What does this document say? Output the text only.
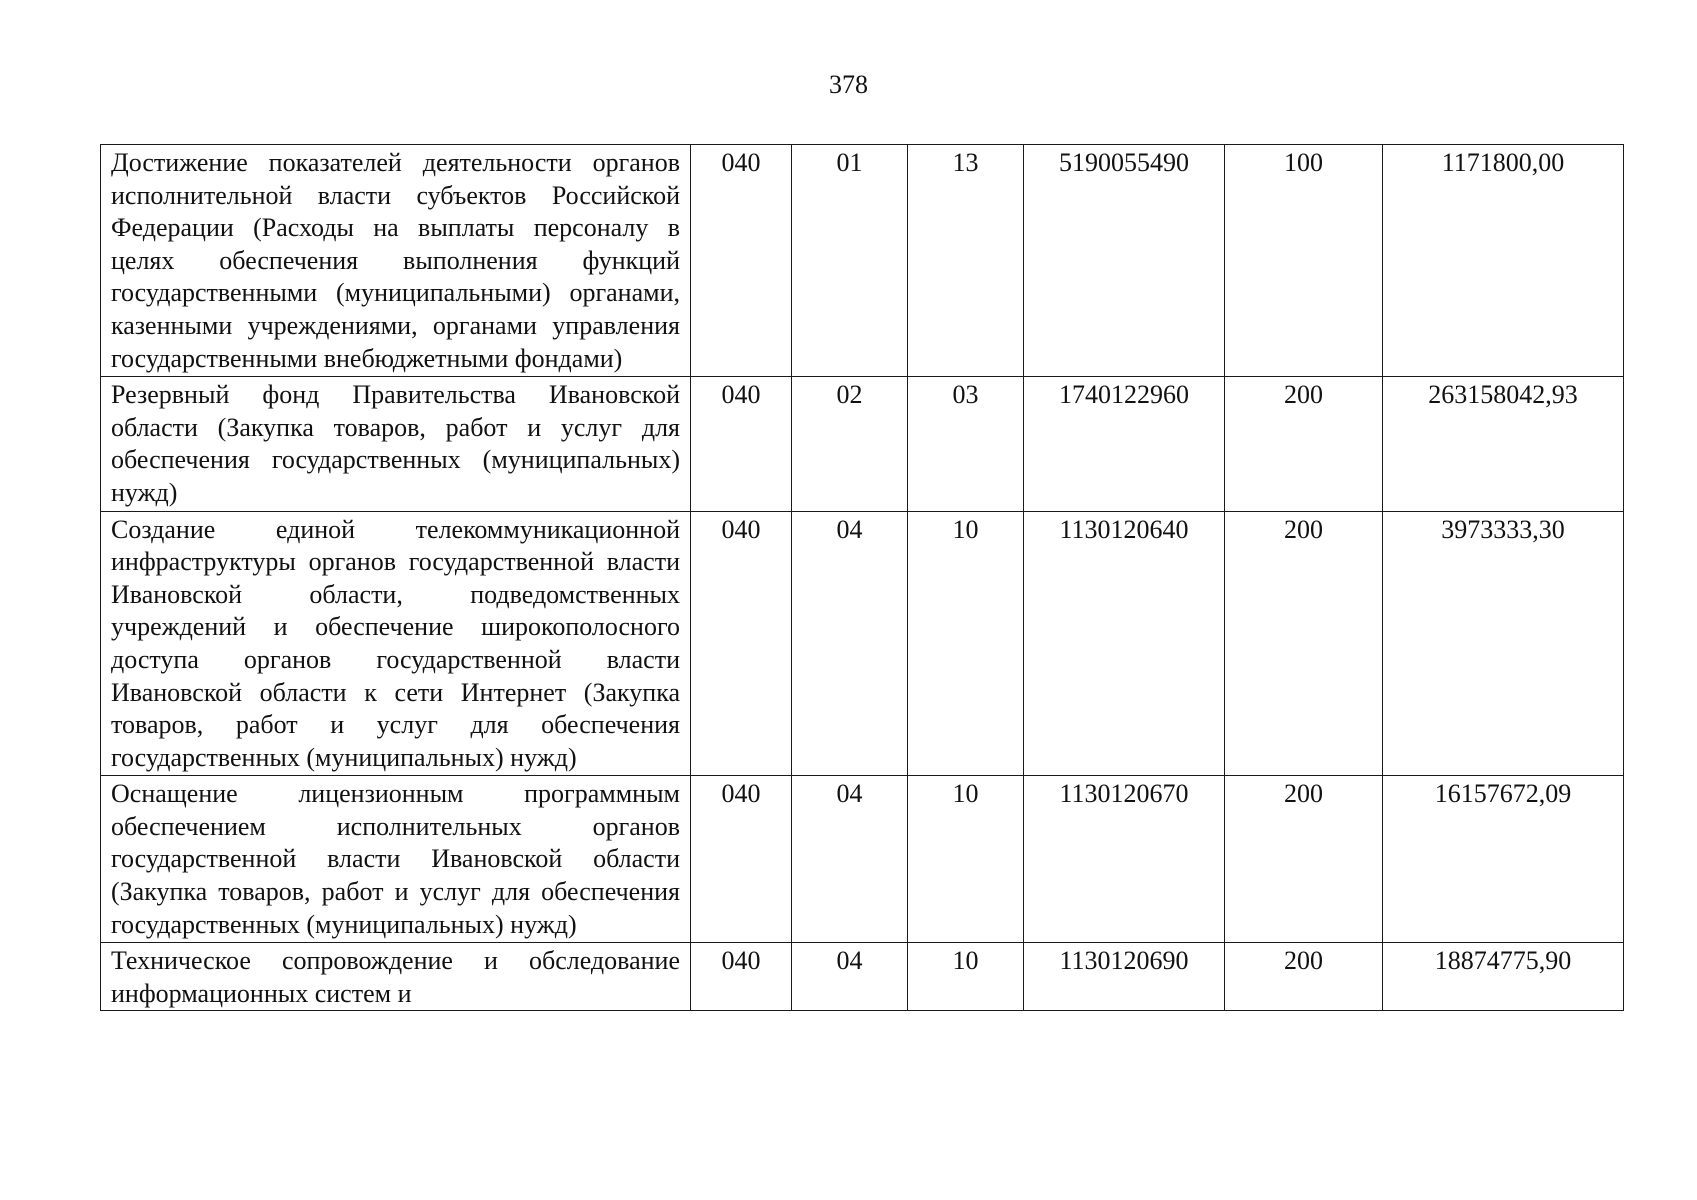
378
Достижение показателей деятельности органов исполнительной власти субъектов Российской Федерации (Расходы на выплаты персоналу в целях обеспечения выполнения функций государственными (муниципальными) органами, казенными учреждениями, органами управления государственными внебюджетными фондами)	040	01	13	5190055490	100	1171800,00
Резервный фонд Правительства Ивановской области (Закупка товаров, работ и услуг для обеспечения государственных (муниципальных) нужд)	040	02	03	1740122960	200	263158042,93
Создание единой телекоммуникационной инфраструктуры органов государственной власти Ивановской области, подведомственных учреждений и обеспечение широкополосного доступа органов государственной власти Ивановской области к сети Интернет (Закупка товаров, работ и услуг для обеспечения государственных (муниципальных) нужд)	040	04	10	1130120640	200	3973333,30
Оснащение лицензионным программным обеспечением исполнительных органов государственной власти Ивановской области (Закупка товаров, работ и услуг для обеспечения государственных (муниципальных) нужд)	040	04	10	1130120670	200	16157672,09

Техническое сопровождение и обследование информационных систем и	040	04	10	1130120690	200	18874775,90
